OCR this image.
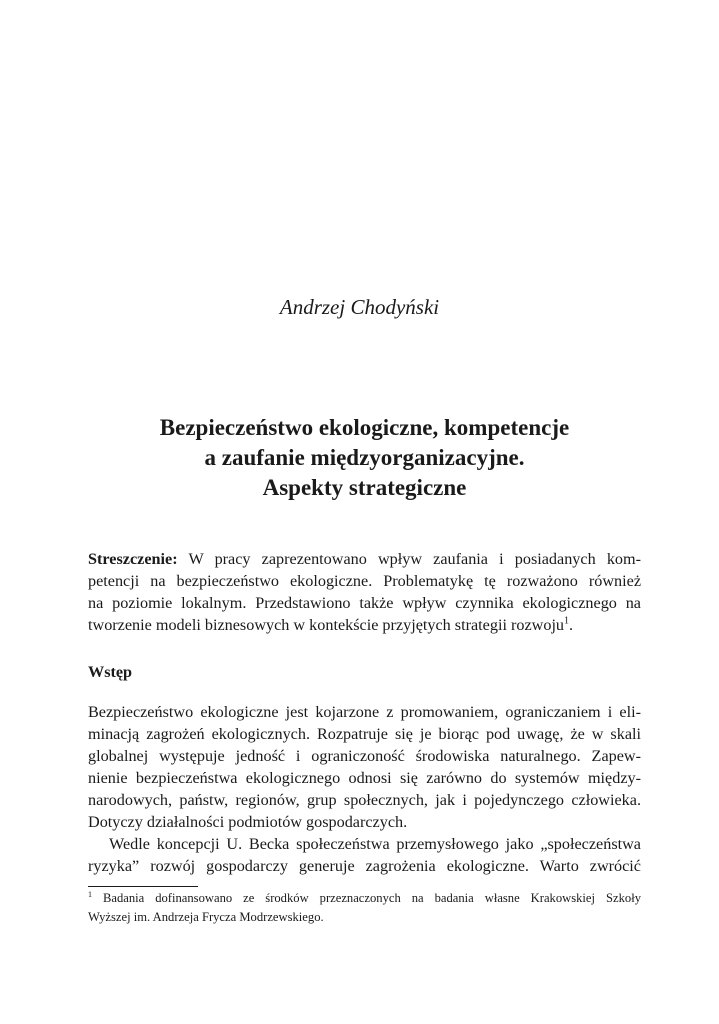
Andrzej Chodyński
Bezpieczeństwo ekologiczne, kompetencje
a zaufanie międzyorganizacyjne.
Aspekty strategiczne
Streszczenie: W pracy zaprezentowano wpływ zaufania i posiadanych kom-
petencji na bezpieczeństwo ekologiczne. Problematykę tę rozważono również
na poziomie lokalnym. Przedstawiono także wpływ czynnika ekologicznego na
tworzenie modeli biznesowych w kontekście przyjętych strategii rozwoju$^1$.
Wstęp
Bezpieczeństwo ekologiczne jest kojarzone z promowaniem, ograniczaniem i eli-
minacją zagrożeń ekologicznych. Rozpatruje się je biorąc pod uwagę, że w skali
globalnej występuje jedność i ograniczoność środowiska naturalnego. Zapew-
nienie bezpieczeństwa ekologicznego odnosi się zarówno do systemów między-
narodowych, państw, regionów, grup społecznych, jak i pojedynczego człowieka.
Dotyczy działalności podmiotów gospodarczych.
Wedle koncepcji U. Becka społeczeństwa przemysłowego jako „społeczeństwa
ryzyka” rozwój gospodarczy generuje zagrożenia ekologiczne. Warto zwrócić
$^1$ Badania dofinansowano ze środków przeznaczonych na badania własne Krakowskiej Szkoły
Wyższej im. Andrzeja Frycza Modrzewskiego.
